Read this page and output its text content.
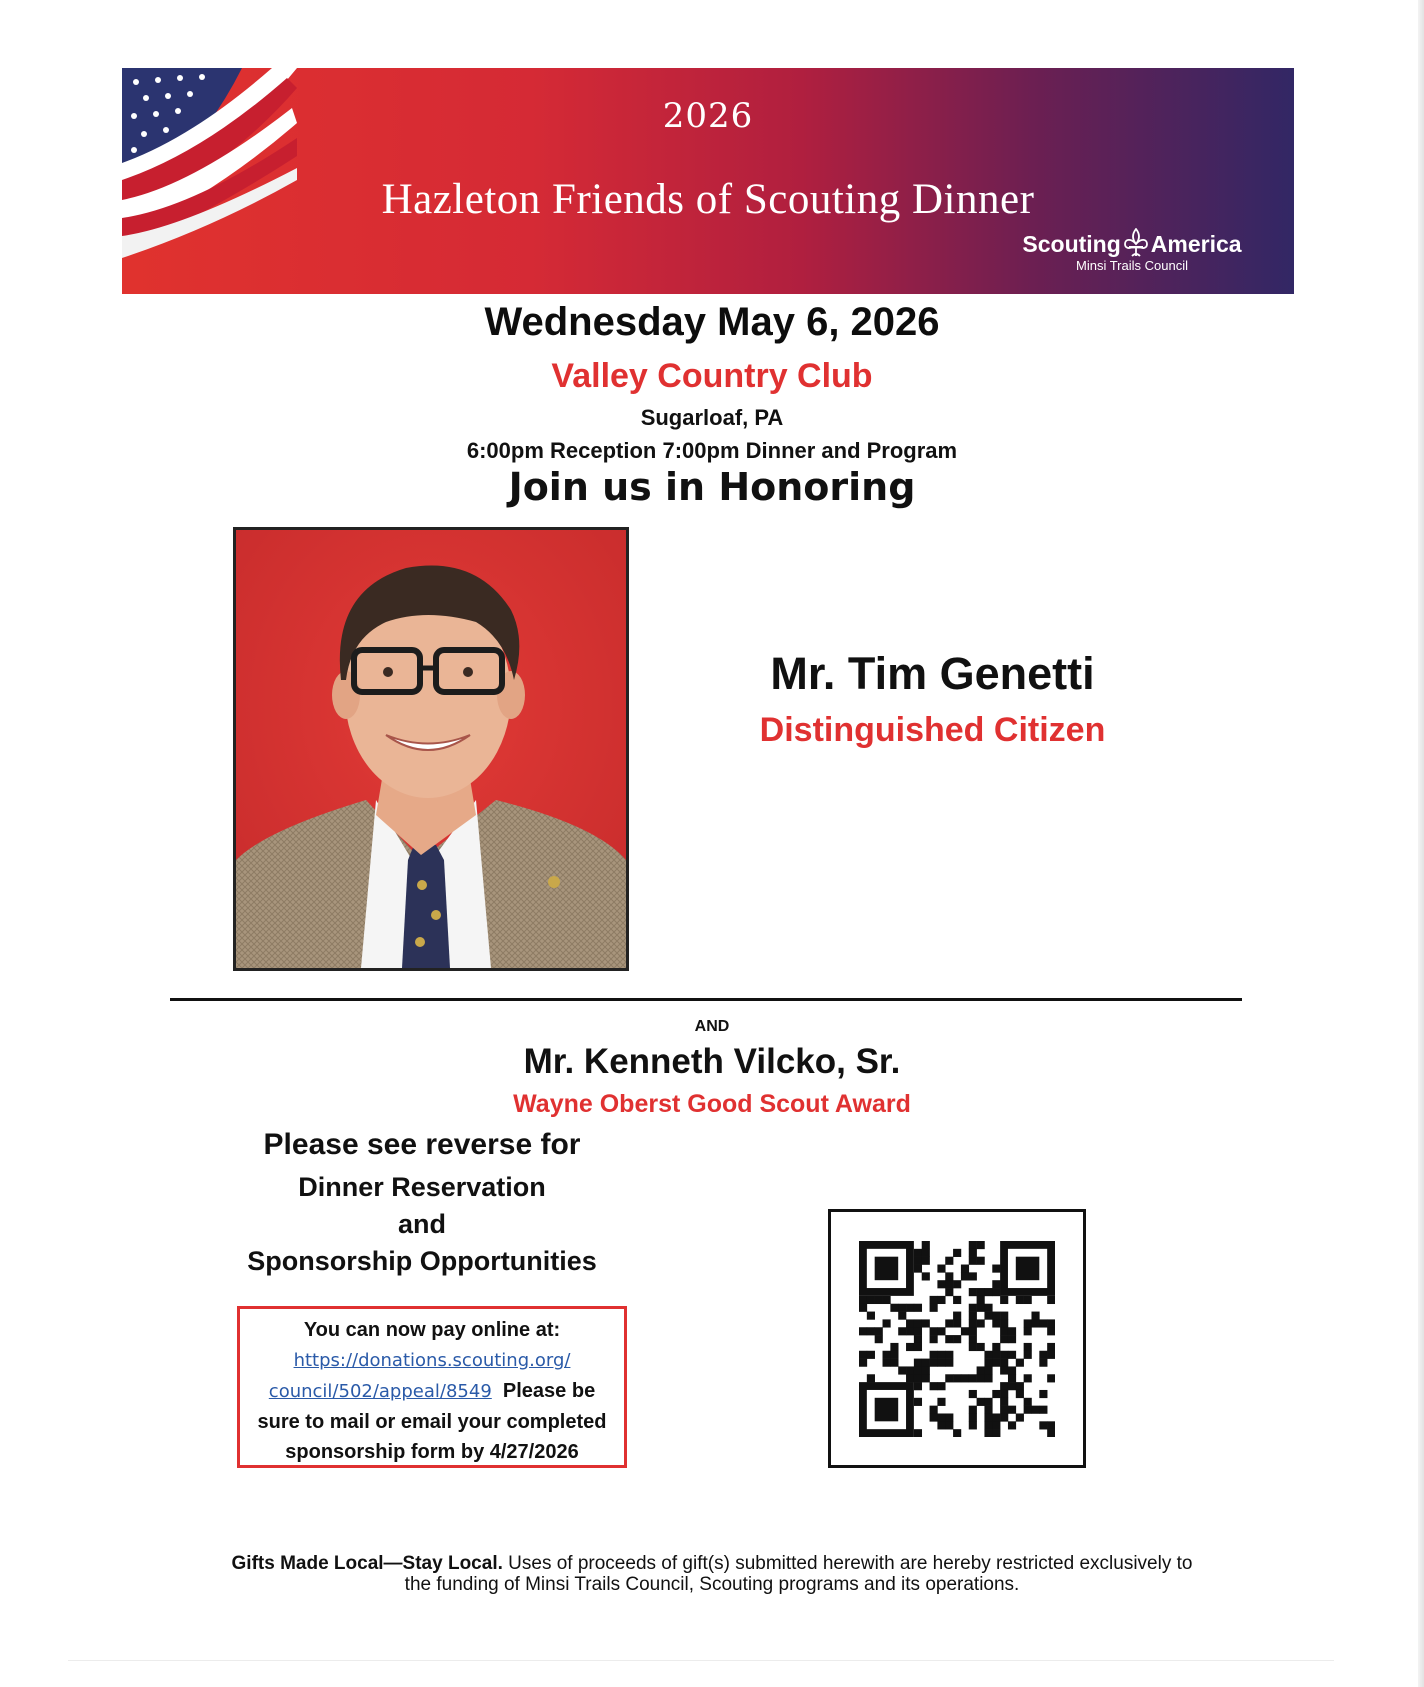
2026
Hazleton Friends of Scouting Dinner
Scouting America
Minsi Trails Council
Wednesday May 6, 2026
Valley Country Club
Sugarloaf, PA
6:00pm Reception 7:00pm Dinner and Program
Join us in Honoring
Mr. Tim Genetti
Distinguished Citizen
AND
Mr. Kenneth Vilcko, Sr.
Wayne Oberst Good Scout Award
Please see reverse for
Dinner Reservation
and
Sponsorship Opportunities
You can now pay online at:
https://donations.scouting.org/
council/502/appeal/8549 Please be
sure to mail or email your completed
sponsorship form by 4/27/2026
Gifts Made Local—Stay Local. Uses of proceeds of gift(s) submitted herewith are hereby restricted exclusively to
the funding of Minsi Trails Council, Scouting programs and its operations.
